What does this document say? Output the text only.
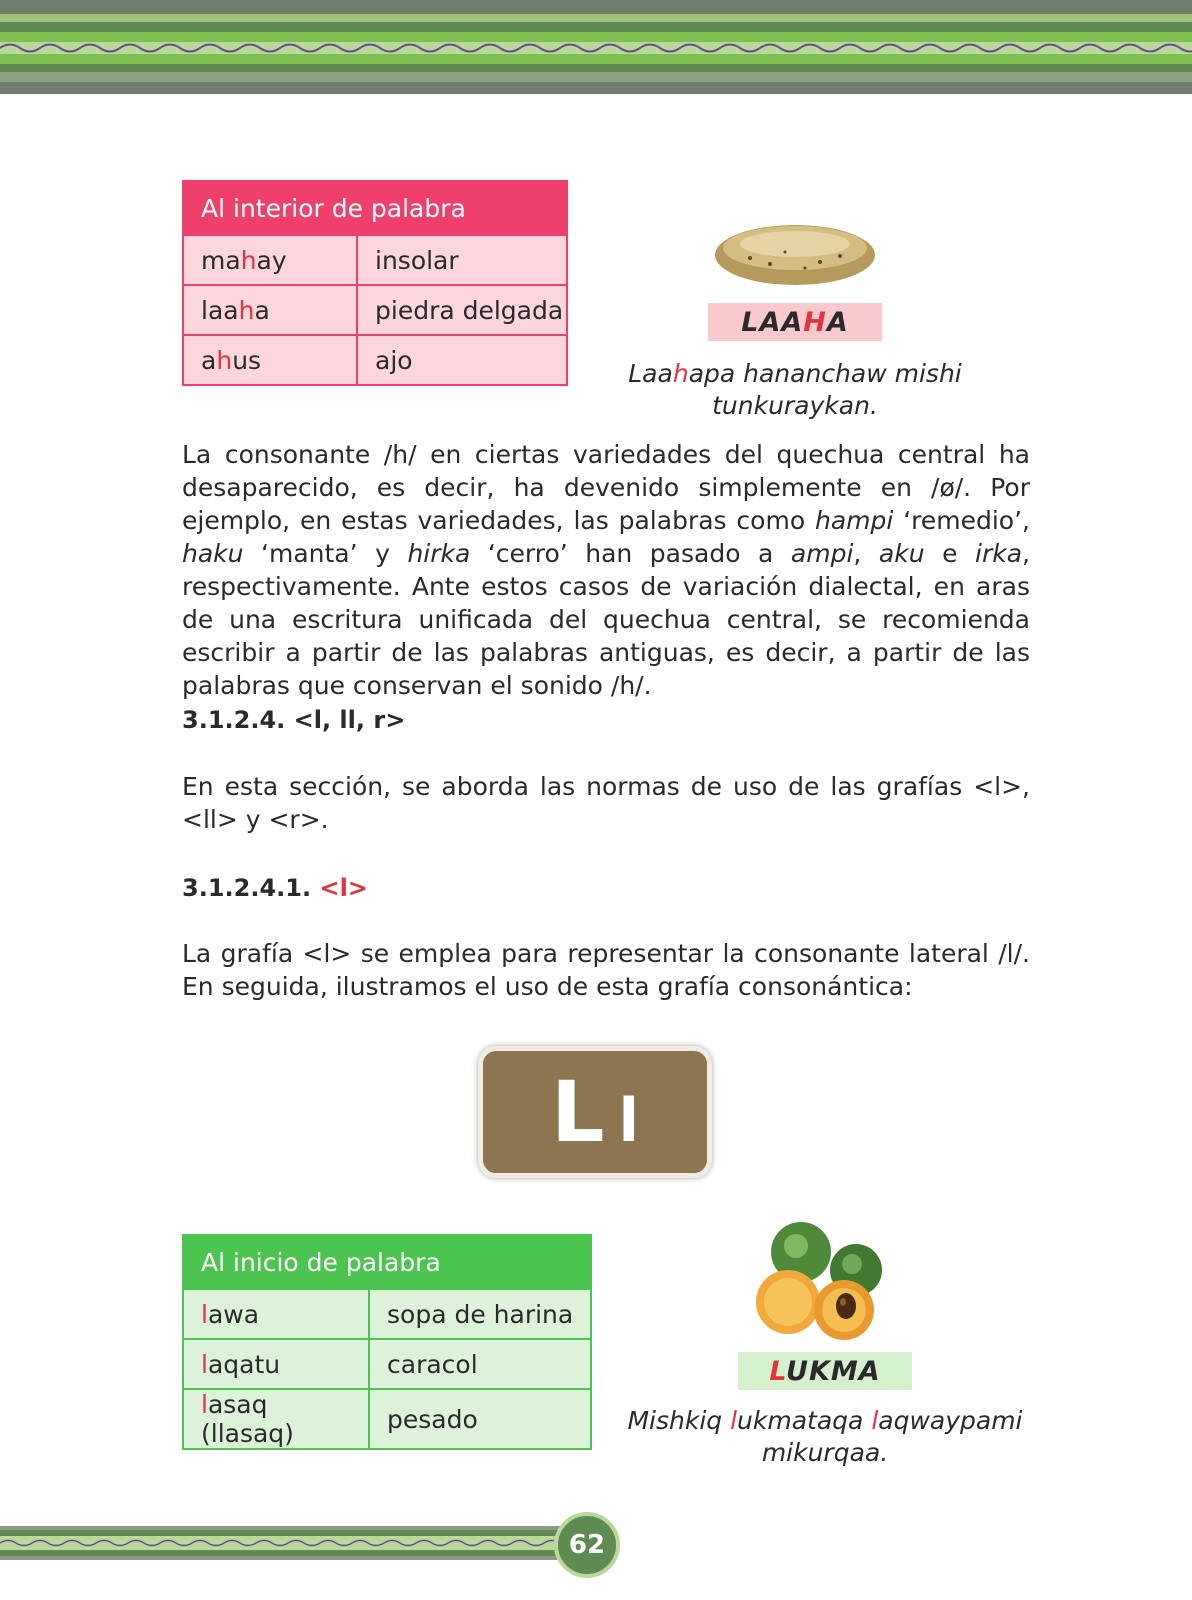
Al interior de palabra	
mahay	insolar
laaha	piedra delgada
ahus	ajo
LAAHA
Laahapa hananchaw mishi
tunkuraykan.
La consonante /h/ en ciertas variedades del quechua central ha desaparecido, es decir, ha devenido simplemente en /ø/. Por ejemplo, en estas variedades, las palabras como hampi ‘remedio’, haku ‘manta’ y hirka ‘cerro’ han pasado a ampi, aku e irka, respectivamente. Ante estos casos de variación dialectal, en aras de una escritura unificada del quechua central, se recomienda escribir a partir de las palabras antiguas, es decir, a partir de las palabras que conservan el sonido /h/.
3.1.2.4. <l, ll, r>
En esta sección, se aborda las normas de uso de las grafías <l>, <ll> y <r>.
3.1.2.4.1. <l>
La grafía <l> se emplea para representar la consonante lateral /l/. En seguida, ilustramos el uso de esta grafía consonántica:
L l
Al inicio de palabra	
lawa	sopa de harina
laqatu	caracol
lasaq (llasaq)	pesado
LUKMA
Mishkiq lukmataqa laqwaypami
mikurqaa.
62
